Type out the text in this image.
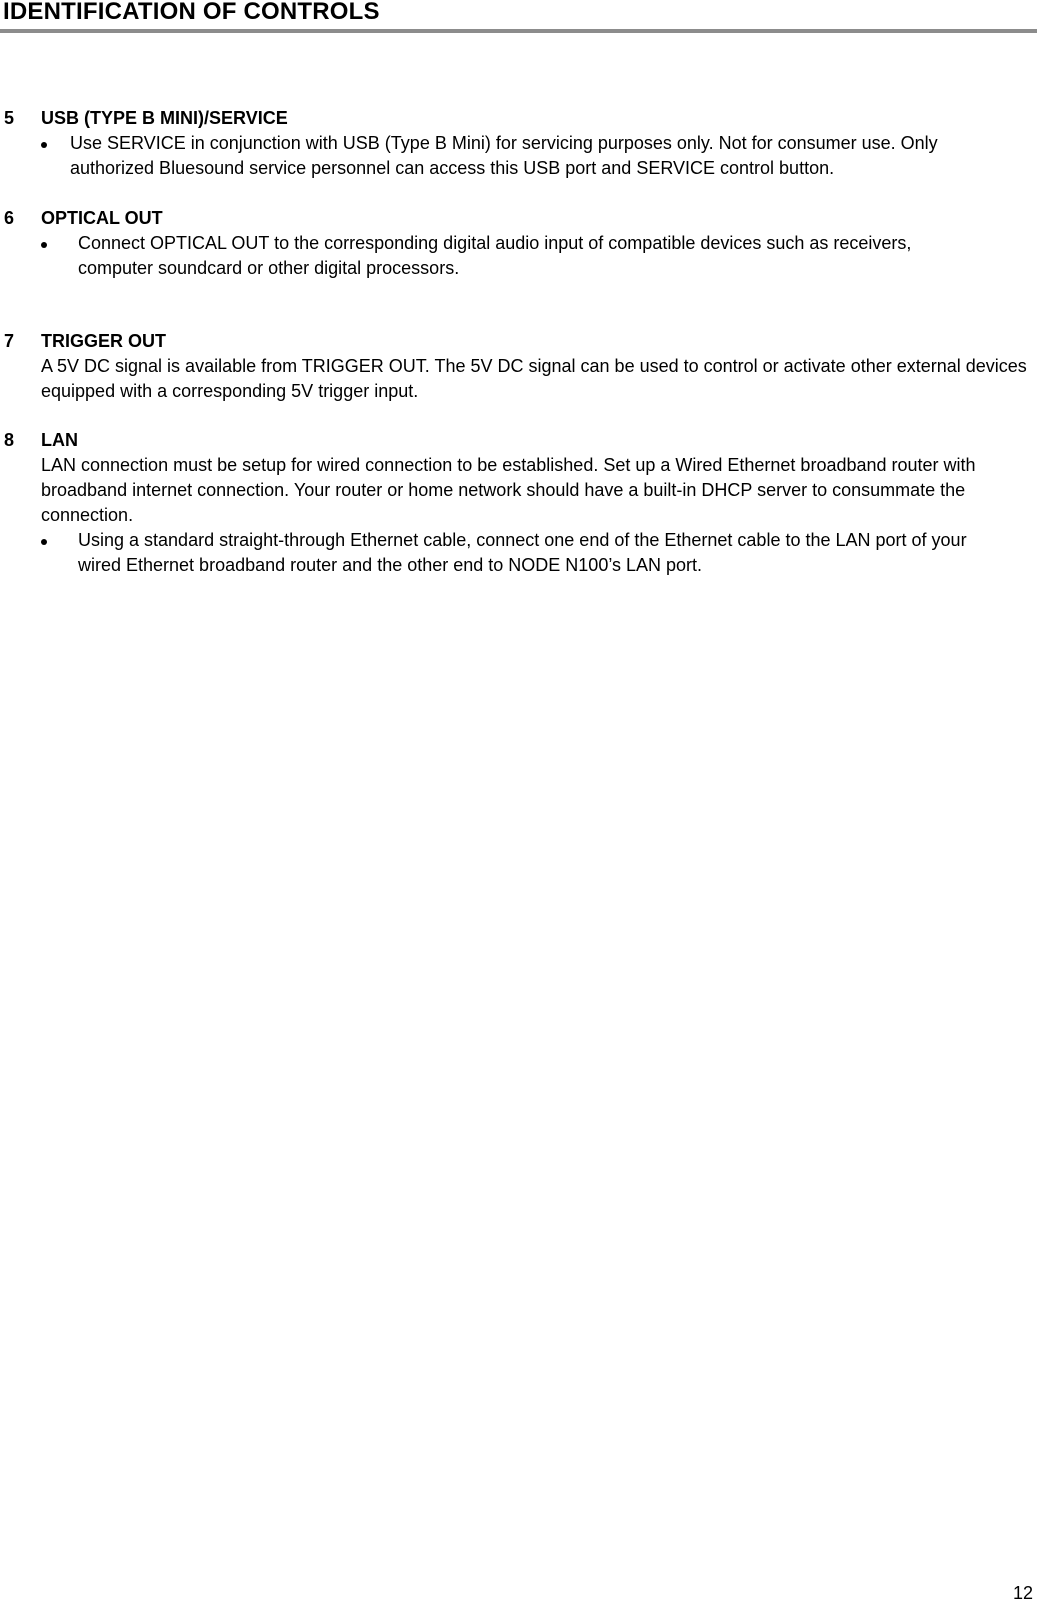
IDENTIFICATION OF CONTROLS
5 USB (TYPE B MINI)/SERVICE

Use SERVICE in conjunction with USB (Type B Mini) for servicing purposes only. Not for consumer use. Only authorized Bluesound service personnel can access this USB port and SERVICE control button.

6 OPTICAL OUT

Connect OPTICAL OUT to the corresponding digital audio input of compatible devices such as receivers, computer soundcard or other digital processors.

7 TRIGGER OUT

A 5V DC signal is available from TRIGGER OUT. The 5V DC signal can be used to control or activate other external devices equipped with a corresponding 5V trigger input.

8 LAN

LAN connection must be setup for wired connection to be established. Set up a Wired Ethernet broadband router with broadband internet connection. Your router or home network should have a built-in DHCP server to consummate the connection.

Using a standard straight-through Ethernet cable, connect one end of the Ethernet cable to the LAN port of your wired Ethernet broadband router and the other end to NODE N100’s LAN port.

12
